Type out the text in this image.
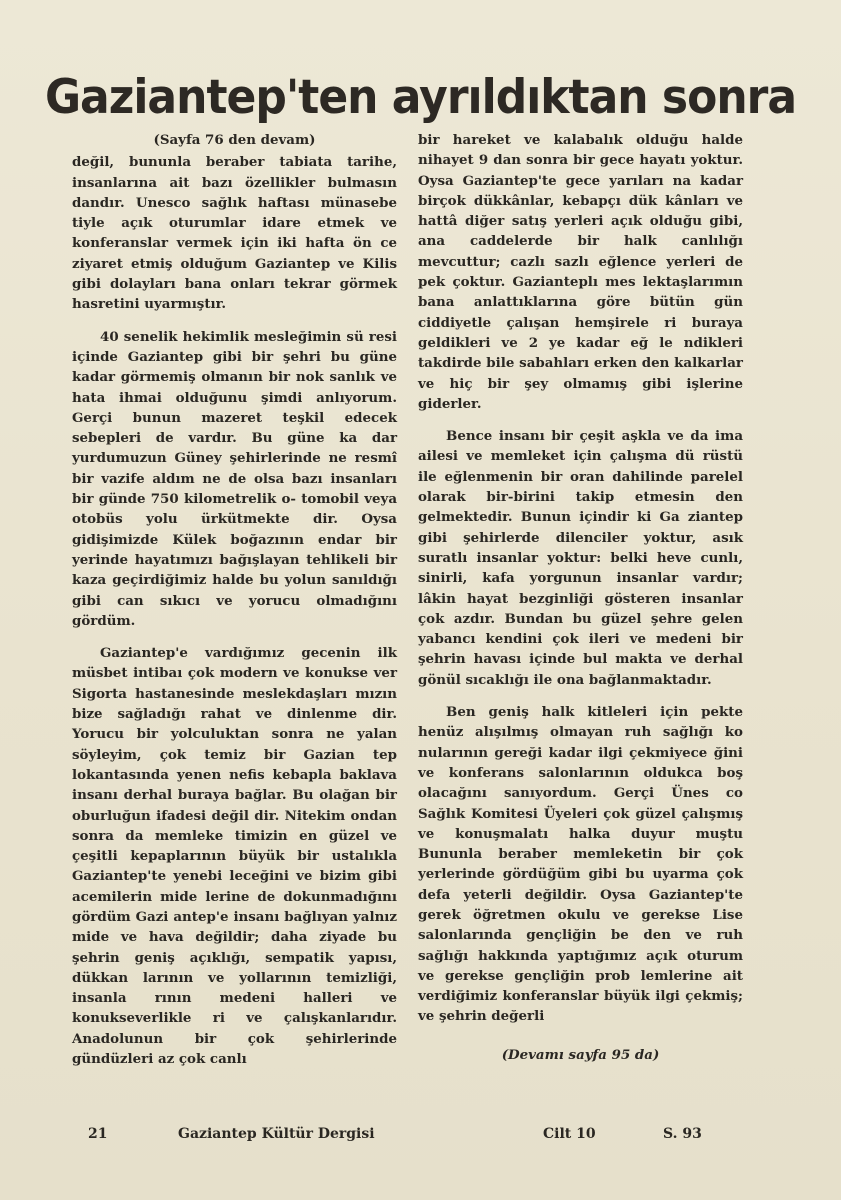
Gaziantep'ten ayrıldıktan sonra
(Sayfa 76 den devam)

değil, bununla beraber tabiata tarihe, insanlarına ait bazı özellikler bulmasın dandır. Unesco sağlık haftası münasebe tiyle açık oturumlar idare etmek ve konferanslar vermek için iki hafta ön ce ziyaret etmiş olduğum Gaziantep ve Kilis gibi dolayları bana onları tekrar görmek hasretini uyarmıştır.

40 senelik hekimlik mesleğimin sü resi içinde Gaziantep gibi bir şehri bu güne kadar görmemiş olmanın bir nok sanlık ve hata ihmai olduğunu şimdi anlıyorum. Gerçi bunun mazeret teşkil edecek sebepleri de vardır. Bu güne ka dar yurdumuzun Güney şehirlerinde ne resmî bir vazife aldım ne de olsa bazı insanları bir günde 750 kilometrelik o- tomobil veya otobüs yolu ürkütmekte dir. Oysa gidişimizde Külek boğazının endar bir yerinde hayatımızı bağışlayan tehlikeli bir kaza geçirdiğimiz halde bu yolun sanıldığı gibi can sıkıcı ve yorucu olmadığını gördüm.

Gaziantep'e vardığımız gecenin ilk müsbet intibaı çok modern ve konukse ver Sigorta hastanesinde meslekdaşları mızın bize sağladığı rahat ve dinlenme dir. Yorucu bir yolculuktan sonra ne yalan söyleyim, çok temiz bir Gazian tep lokantasında yenen nefis kebapla baklava insanı derhal buraya bağlar. Bu olağan bir oburluğun ifadesi değil dir. Nitekim ondan sonra da memleke timizin en güzel ve çeşitli kepaplarının büyük bir ustalıkla Gaziantep'te yenebi leceğini ve bizim gibi acemilerin mide lerine de dokunmadığını gördüm Gazi antep'e insanı bağlıyan yalnız mide ve hava değildir; daha ziyade bu şehrin geniş açıklığı, sempatik yapısı, dükkan larının ve yollarının temizliği, insanla rının medeni halleri ve konukseverlikle ri ve çalışkanlarıdır. Anadolunun bir çok şehirlerinde gündüzleri az çok canlı

bir hareket ve kalabalık olduğu halde nihayet 9 dan sonra bir gece hayatı yoktur. Oysa Gaziantep'te gece yarıları na kadar birçok dükkânlar, kebapçı dük kânları ve hattâ diğer satış yerleri açık olduğu gibi, ana caddelerde bir halk canlılığı mevcuttur; cazlı sazlı eğlence yerleri de pek çoktur. Gazianteplı mes lektaşlarımın bana anlattıklarına göre bütün gün ciddiyetle çalışan hemşirele ri buraya geldikleri ve 2 ye kadar eğ le ndikleri takdirde bile sabahları erken den kalkarlar ve hiç bir şey olmamış gibi işlerine giderler.

Bence insanı bir çeşit aşkla ve da ima ailesi ve memleket için çalışma dü rüstü ile eğlenmenin bir oran dahilinde parelel olarak bir-birini takip etmesin den gelmektedir. Bunun içindir ki Ga ziantep gibi şehirlerde dilenciler yoktur, asık suratlı insanlar yoktur: belki heve cunlı, sinirli, kafa yorgunun insanlar vardır; lâkin hayat bezginliği gösteren insanlar çok azdır. Bundan bu güzel şehre gelen yabancı kendini çok ileri ve medeni bir şehrin havası içinde bul makta ve derhal gönül sıcaklığı ile ona bağlanmaktadır.

Ben geniş halk kitleleri için pekte henüz alışılmış olmayan ruh sağlığı ko nularının gereği kadar ilgi çekmiyece ğini ve konferans salonlarının oldukca boş olacağını sanıyordum. Gerçi Ünes co Sağlık Komitesi Üyeleri çok güzel çalışmış ve konuşmalatı halka duyur muştu Bununla beraber memleketin bir çok yerlerinde gördüğüm gibi bu uyarma çok defa yeterli değildir. Oysa Gaziantep'te gerek öğretmen okulu ve gerekse Lise salonlarında gençliğin be den ve ruh sağlığı hakkında yaptığımız açık oturum ve gerekse gençliğin prob lemlerine ait verdiğimiz konferanslar büyük ilgi çekmiş; ve şehrin değerli

(Devamı sayfa 95 da)
21	Gaziantep Kültür Dergisi	Cilt 10	S. 93
